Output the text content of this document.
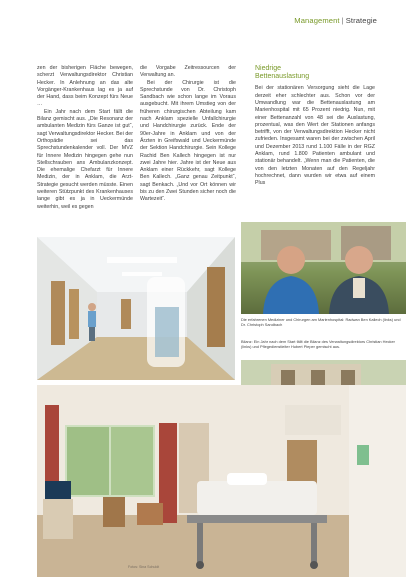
Management | Strategie

zen der bisherigen Fläche bewegen, scherzt Verwaltungsdirektor Christian Hecker. In Anlehnung an das alte Vorgänger-Krankenhaus lag es ja auf der Hand, dass beim Konzept fürs Neue …

Ein Jahr nach dem Start fällt die Bilanz gemischt aus. „Die Resonanz der ambulanten Medizin fürs Ganze ist gut“, sagt Verwaltungsdirektor Hecker. Bei der Orthopädie sei das Sprechstundenkalender voll. Der MVZ für Innere Medizin hingegen gehe nun Stellschrauben ans Ambulanzkonzept. Die ehemalige Chefarzt für Innere Medizin, der in Anklam, die Arzt-Strategie gesucht werden müsste. Einen weiteren Stützpunkt des Krankenhauses lange gibt es ja in Ueckermünde weiterhin, weil es gegen

die Vorgabe Zeitressourcen der Verwaltung an.

Bei der Chirurgie ist die Sprechstunde von Dr. Christoph Sandbach wie schon lange im Voraus ausgebucht. Mit ihrem Umstieg von der früheren chirurgischen Abteilung kam nach Anklam spezielle Unfallchirurgie und Handchirurgie zurück. Ende der 90er-Jahre in Anklam und von der Ärzten in Greifswald und Ueckermünde der Sektion Handchirurgie. Sein Kollege Rachid Ben Kallech hingegen ist nur zwei Jahre hier. Jahre ist der Neue aus Anklam einer Rückkehr, sagt Kollege Ben Kallech. „Ganz genau Zeitpunkt“, sagt Benkach. „Und vor Ort können wir bis zu den Zwei Stunden sicher noch die Wartezeit“.

Niedrige
Bettenauslastung

Bei der stationären Versorgung sieht die Lage derzeit eher schlechter aus. Schon vor der Umwandlung war die Bettenauslastung am Marienhospital mit 65 Prozent niedrig. Nun, mit einer Bettenanzahl von 48 sei die Auslastung, prozentual, was den Wert der Stationen anfangs betrifft, von der Verwaltungsdirektion Hecker nicht zufrieden. Insgesamt waren bei der zwischen April und Dezember 2013 rund 1.100 Fälle in der RGZ Anklam, rund 1.800 Patienten ambulant und stationär behandelt. „Wenn man die Patienten, die von den letzten Monaten auf den Regeljahr hochrechnet, dann wurden wir etwa auf einem Plus

Die erfahrenen Mediziner und Chirurgen am Marienhospital: Radwan Ben Kallech (links) und Dr. Christoph Sandbach
Bilanz: Ein Jahr nach dem Start fällt die Bilanz des Verwaltungsdirektors Christian Hecker (links) und Pflegedienstleiter Hubert Pieper gemischt aus.
Fotos: Sina Schuldt
